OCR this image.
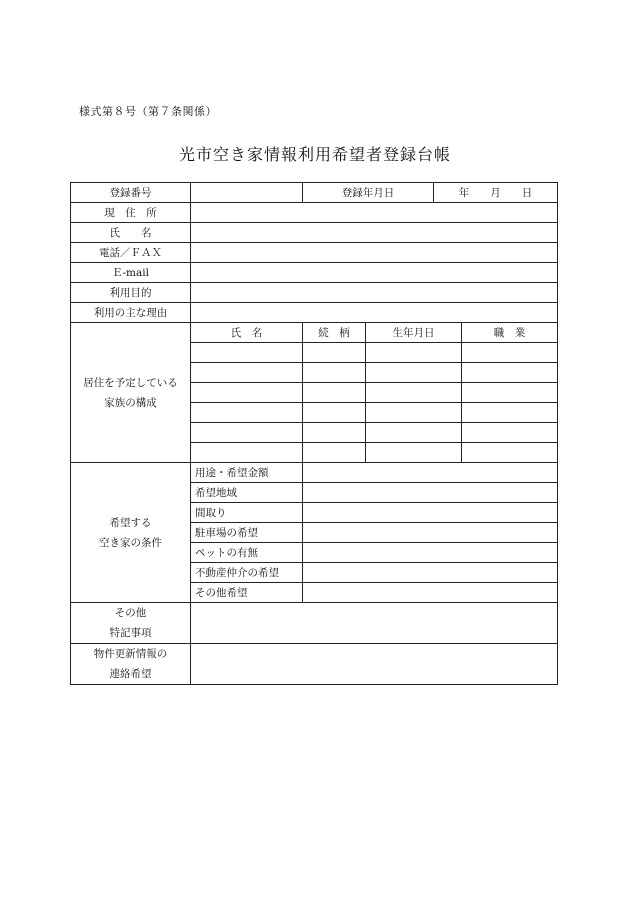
様式第８号（第７条関係）
光市空き家情報利用希望者登録台帳
登録番号		登録年月日		年　　月　　日	
現　住　所					
氏　　名					
電話／ＦＡＸ					
Ｅ-mail					
利用目的					
利用の主な理由					

居住を予定している
家族の構成	氏　名	続　柄	生年月日		職　業

希望する
空き家の条件	用途・希望金額				
	希望地域				
	間取り				
	駐車場の希望				
	ペットの有無				
	不動産仲介の希望				
	その他希望				

その他
特記事項					

物件更新情報の
連絡希望					
